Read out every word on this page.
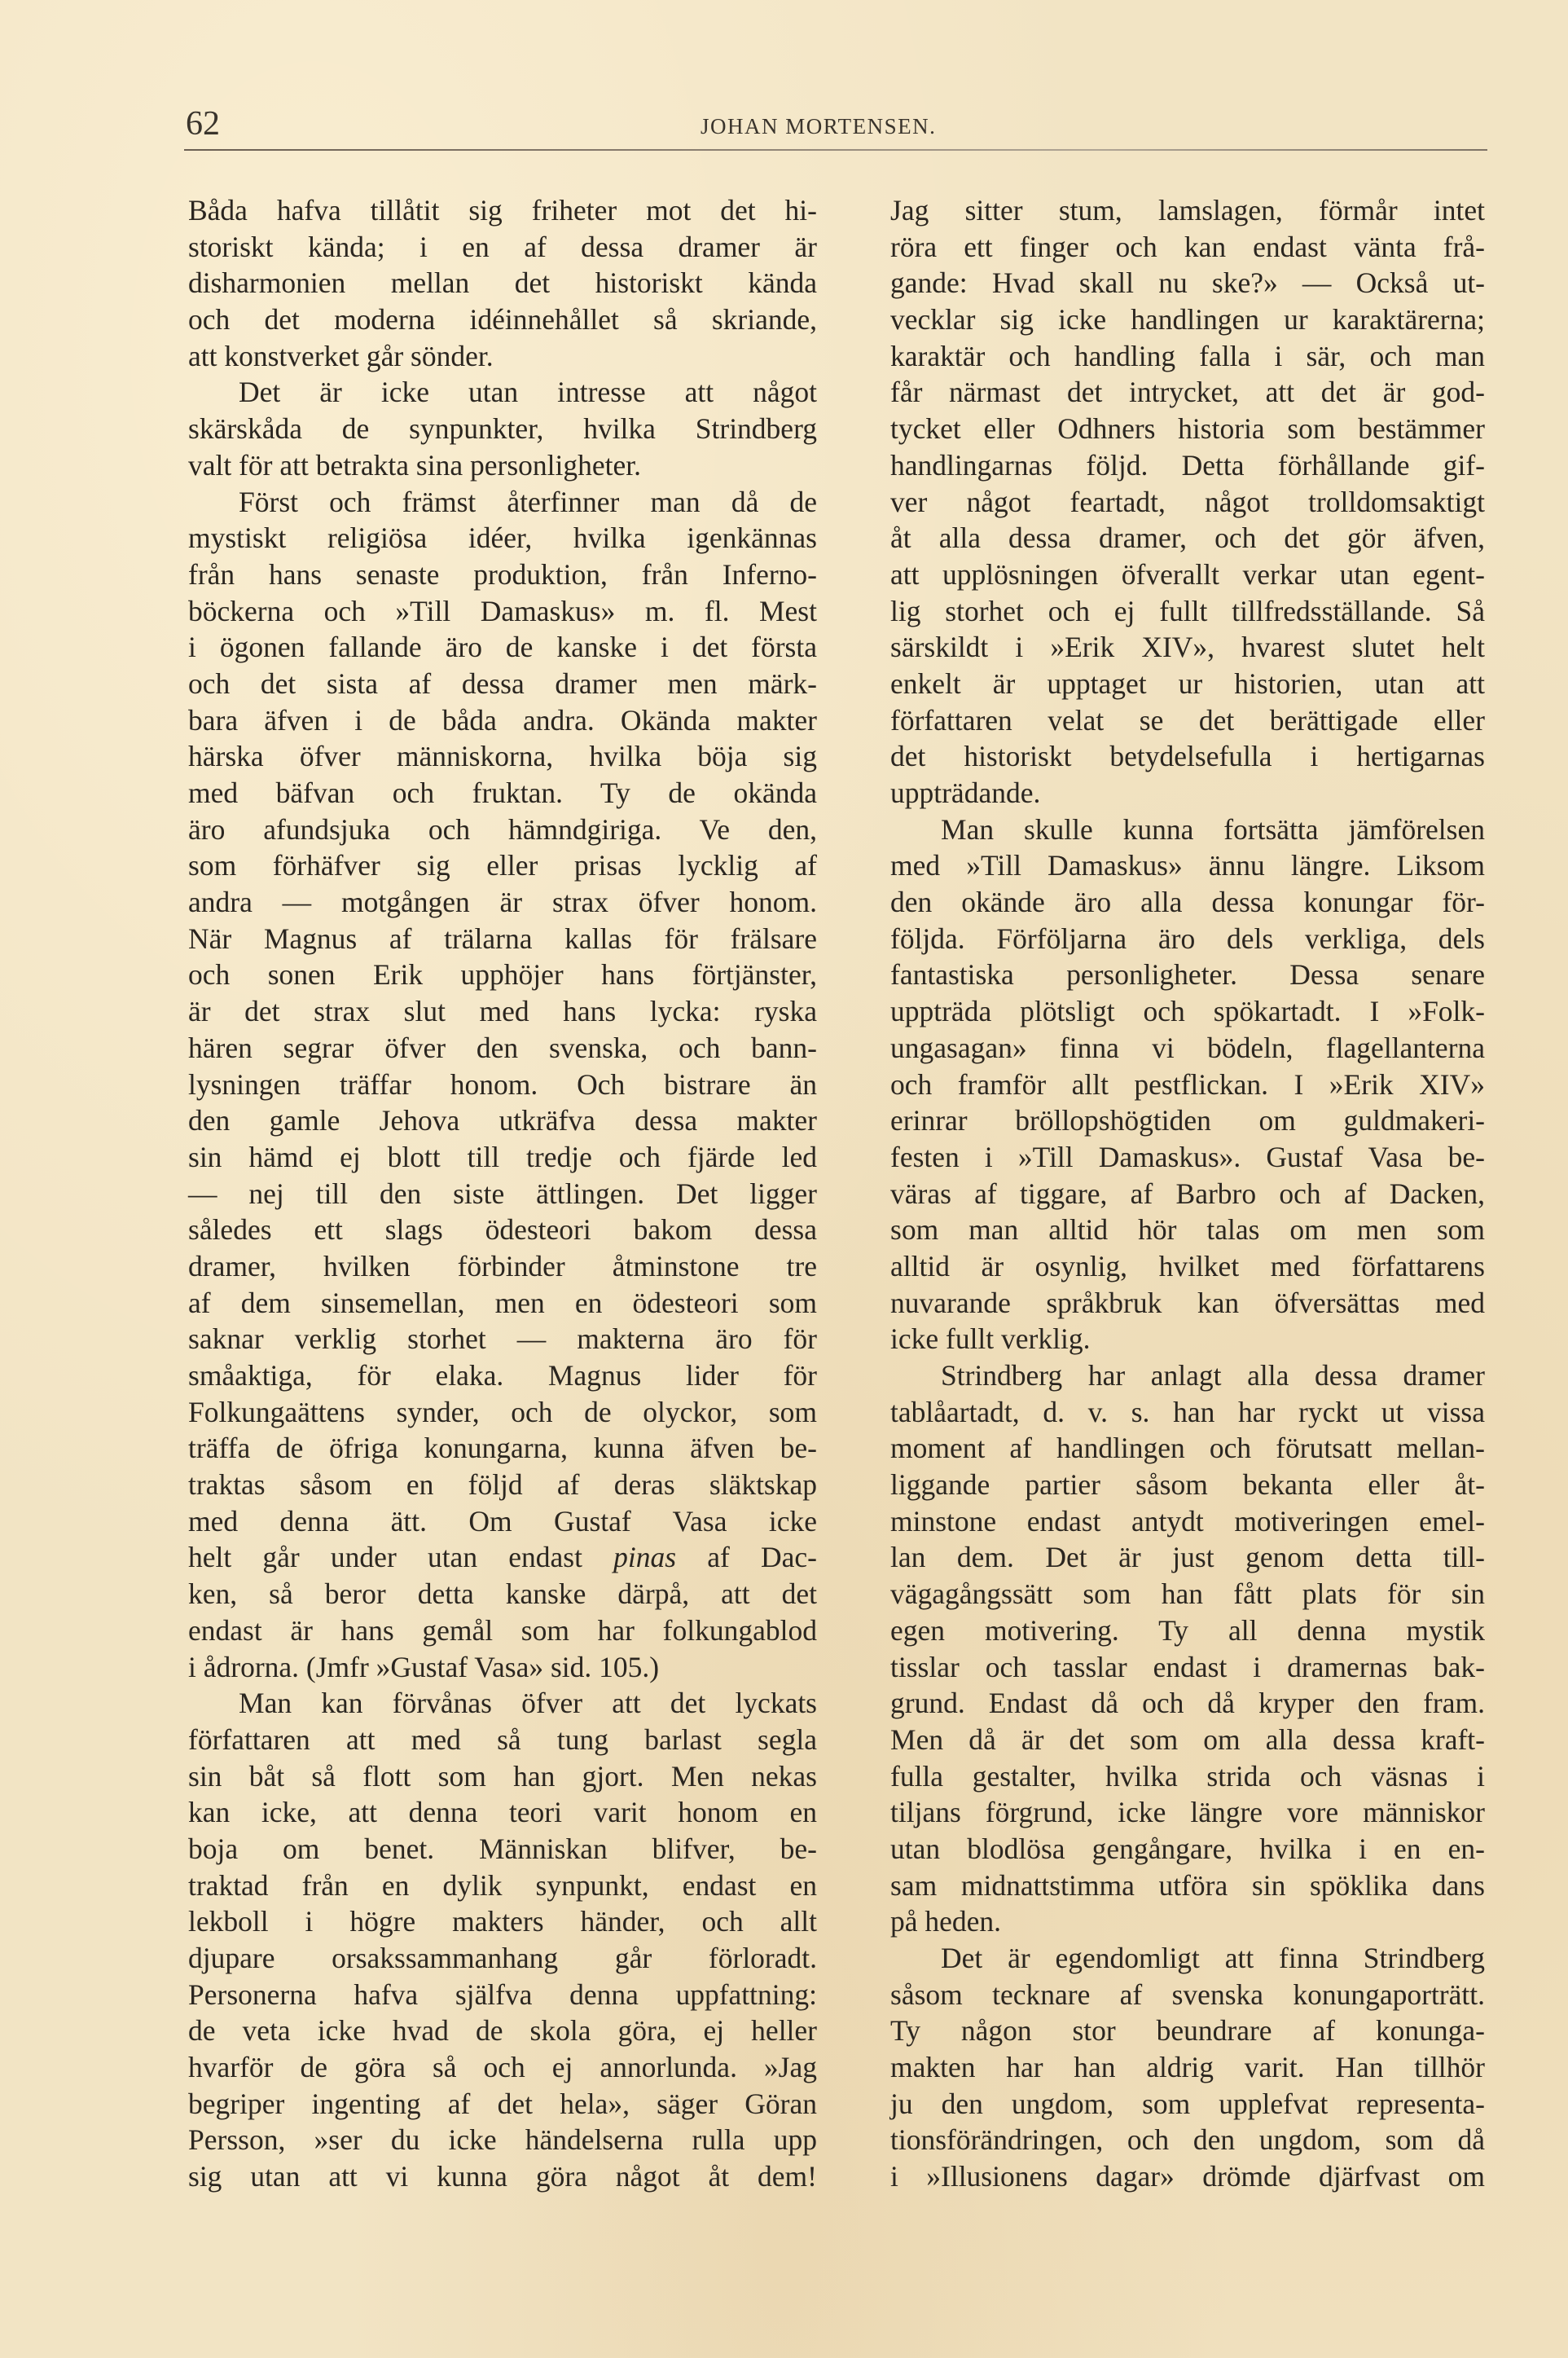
62	JOHAN MORTENSEN.
Båda hafva tillåtit sig friheter mot det hi-
storiskt kända; i en af dessa dramer är
disharmonien mellan det historiskt kända
och det moderna idéinnehållet så skriande,
att konstverket går sönder.
Det är icke utan intresse att något
skärskåda de synpunkter, hvilka Strindberg
valt för att betrakta sina personligheter.
Först och främst återfinner man då de
mystiskt religiösa idéer, hvilka igenkännas
från hans senaste produktion, från Inferno-
böckerna och »Till Damaskus» m. fl. Mest
i ögonen fallande äro de kanske i det första
och det sista af dessa dramer men märk-
bara äfven i de båda andra. Okända makter
härska öfver människorna, hvilka böja sig
med bäfvan och fruktan. Ty de okända
äro afundsjuka och hämndgiriga. Ve den,
som förhäfver sig eller prisas lycklig af
andra — motgången är strax öfver honom.
När Magnus af trälarna kallas för frälsare
och sonen Erik upphöjer hans förtjänster,
är det strax slut med hans lycka: ryska
hären segrar öfver den svenska, och bann-
lysningen träffar honom. Och bistrare än
den gamle Jehova utkräfva dessa makter
sin hämd ej blott till tredje och fjärde led
— nej till den siste ättlingen. Det ligger
således ett slags ödesteori bakom dessa
dramer, hvilken förbinder åtminstone tre
af dem sinsemellan, men en ödesteori som
saknar verklig storhet — makterna äro för
småaktiga, för elaka. Magnus lider för
Folkungaättens synder, och de olyckor, som
träffa de öfriga konungarna, kunna äfven be-
traktas såsom en följd af deras släktskap
med denna ätt. Om Gustaf Vasa icke
helt går under utan endast pinas af Dac-
ken, så beror detta kanske därpå, att det
endast är hans gemål som har folkungablod
i ådrorna. (Jmfr »Gustaf Vasa» sid. 105.)
Man kan förvånas öfver att det lyckats
författaren att med så tung barlast segla
sin båt så flott som han gjort. Men nekas
kan icke, att denna teori varit honom en
boja om benet. Människan blifver, be-
traktad från en dylik synpunkt, endast en
lekboll i högre makters händer, och allt
djupare orsakssammanhang går förloradt.
Personerna hafva själfva denna uppfattning:
de veta icke hvad de skola göra, ej heller
hvarför de göra så och ej annorlunda. »Jag
begriper ingenting af det hela», säger Göran
Persson, »ser du icke händelserna rulla upp
sig utan att vi kunna göra något åt dem!
Jag sitter stum, lamslagen, förmår intet
röra ett finger och kan endast vänta frå-
gande: Hvad skall nu ske?» — Också ut-
vecklar sig icke handlingen ur karaktärerna;
karaktär och handling falla i sär, och man
får närmast det intrycket, att det är god-
tycket eller Odhners historia som bestämmer
handlingarnas följd. Detta förhållande gif-
ver något feartadt, något trolldomsaktigt
åt alla dessa dramer, och det gör äfven,
att upplösningen öfverallt verkar utan egent-
lig storhet och ej fullt tillfredsställande. Så
särskildt i »Erik XIV», hvarest slutet helt
enkelt är upptaget ur historien, utan att
författaren velat se det berättigade eller
det historiskt betydelsefulla i hertigarnas
uppträdande.
Man skulle kunna fortsätta jämförelsen
med »Till Damaskus» ännu längre. Liksom
den okände äro alla dessa konungar för-
följda. Förföljarna äro dels verkliga, dels
fantastiska personligheter. Dessa senare
uppträda plötsligt och spökartadt. I »Folk-
ungasagan» finna vi bödeln, flagellanterna
och framför allt pestflickan. I »Erik XIV»
erinrar bröllopshögtiden om guldmakeri-
festen i »Till Damaskus». Gustaf Vasa be-
väras af tiggare, af Barbro och af Dacken,
som man alltid hör talas om men som
alltid är osynlig, hvilket med författarens
nuvarande språkbruk kan öfversättas med
icke fullt verklig.
Strindberg har anlagt alla dessa dramer
tablåartadt, d. v. s. han har ryckt ut vissa
moment af handlingen och förutsatt mellan-
liggande partier såsom bekanta eller åt-
minstone endast antydt motiveringen emel-
lan dem. Det är just genom detta till-
vägagångssätt som han fått plats för sin
egen motivering. Ty all denna mystik
tisslar och tasslar endast i dramernas bak-
grund. Endast då och då kryper den fram.
Men då är det som om alla dessa kraft-
fulla gestalter, hvilka strida och väsnas i
tiljans förgrund, icke längre vore människor
utan blodlösa gengångare, hvilka i en en-
sam midnattstimma utföra sin spöklika dans
på heden.
Det är egendomligt att finna Strindberg
såsom tecknare af svenska konungaporträtt.
Ty någon stor beundrare af konunga-
makten har han aldrig varit. Han tillhör
ju den ungdom, som upplefvat representa-
tionsförändringen, och den ungdom, som då
i »Illusionens dagar» drömde djärfvast om
